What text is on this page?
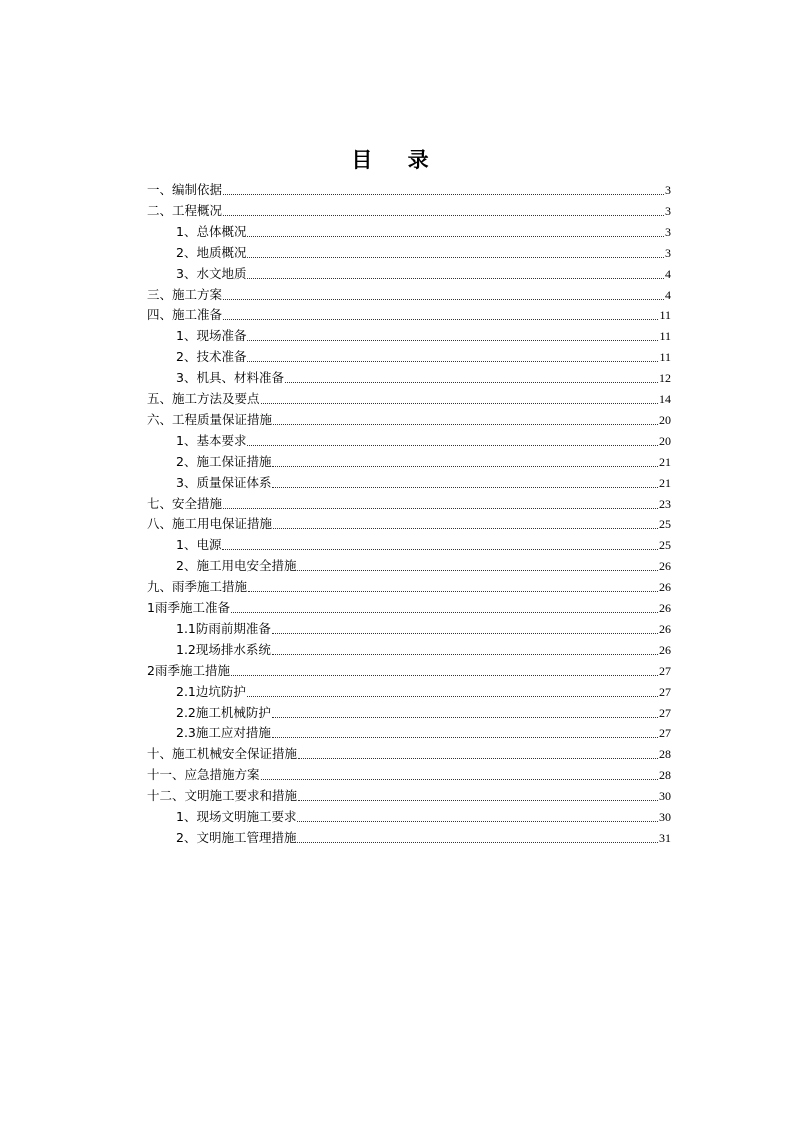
目 录
一、编制依据	3
二、工程概况	3
1、总体概况	3
2、地质概况	3
3、水文地质	4
三、施工方案	4
四、施工准备	11
1、现场准备	11
2、技术准备	11
3、机具、材料准备	12
五、施工方法及要点	14
六、工程质量保证措施	20
1、基本要求	20
2、施工保证措施	21
3、质量保证体系	21
七、安全措施	23
八、施工用电保证措施	25
1、电源	25
2、施工用电安全措施	26
九、雨季施工措施	26
1雨季施工准备	26
1.1防雨前期准备	26
1.2现场排水系统	26
2雨季施工措施	27
2.1边坑防护	27
2.2施工机械防护	27
2.3施工应对措施	27
十、施工机械安全保证措施	28
十一、应急措施方案	28
十二、文明施工要求和措施	30
1、现场文明施工要求	30
2、文明施工管理措施	31
